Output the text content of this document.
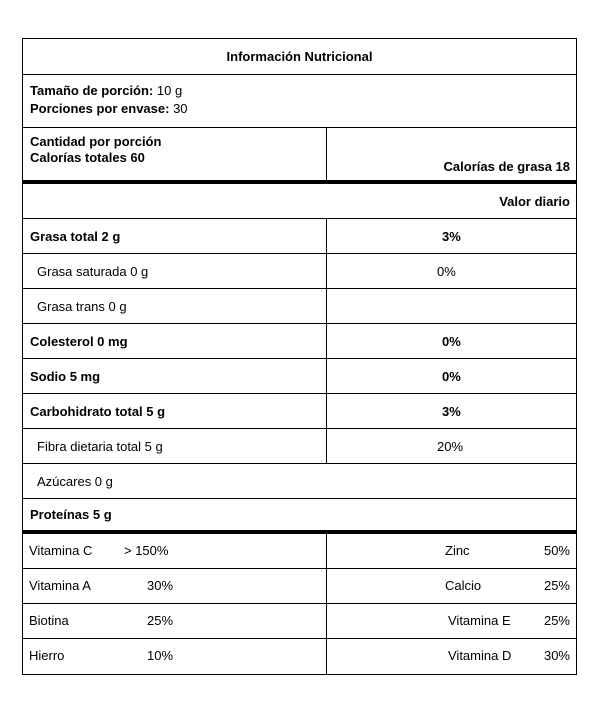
Información Nutricional
Tamaño de porción: 10 g
Porciones por envase: 30
Cantidad por porción
Calorías totales 60
Calorías de grasa 18
Valor diario
Grasa total 2 g	3%
Grasa saturada 0 g	0%
Grasa trans 0 g
Colesterol 0 mg	0%
Sodio 5 mg	0%
Carbohidrato total 5 g	3%
Fibra dietaria total 5 g	20%
Azúcares 0 g
Proteínas 5 g
Vitamina C > 150%	Zinc	50%
Vitamina A	30%	Calcio	25%
Biotina	25%	Vitamina E	25%
Hierro	10%	Vitamina D	30%
